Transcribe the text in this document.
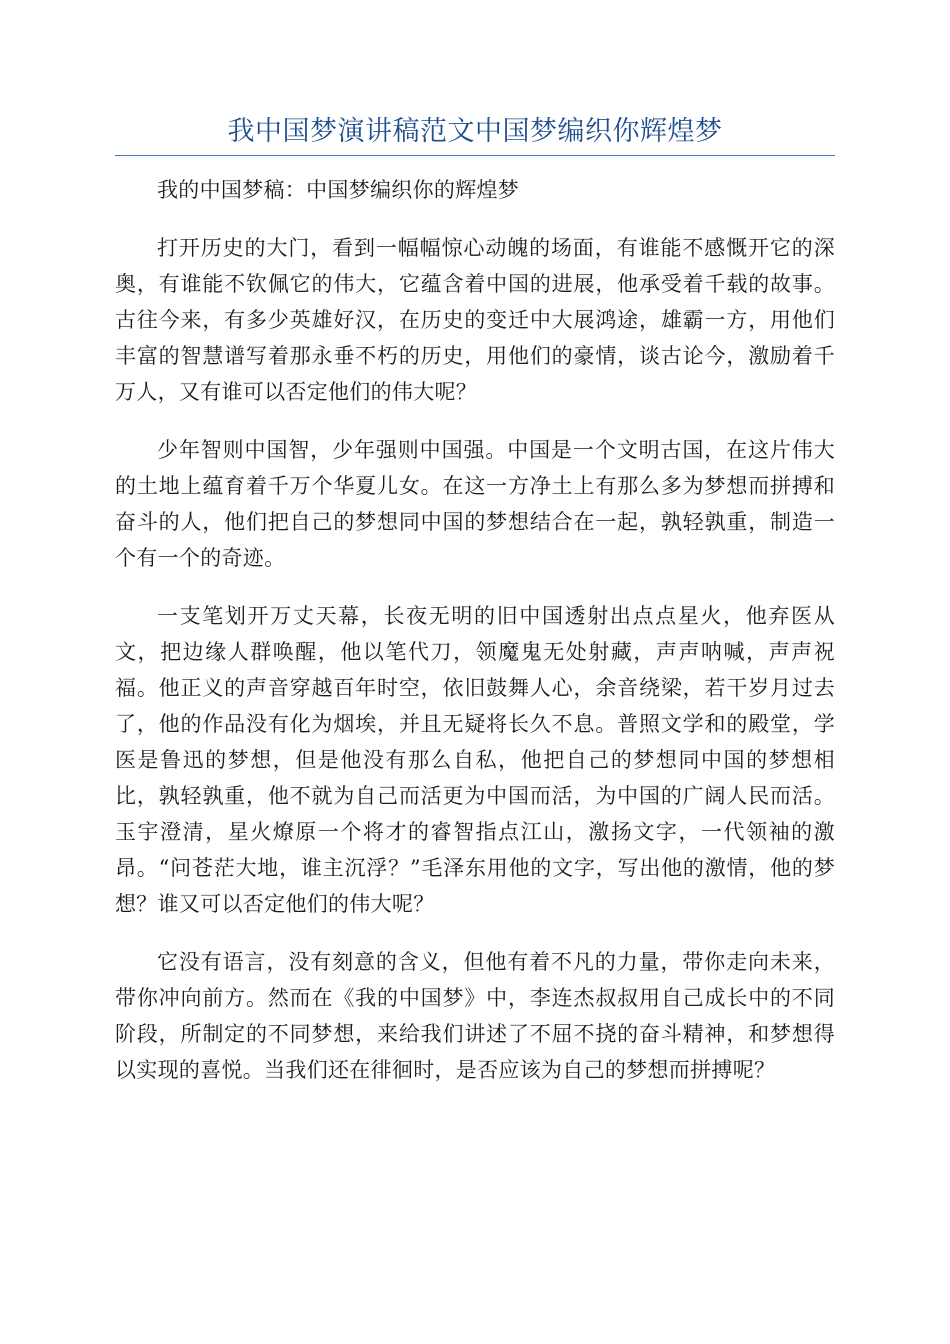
我中国梦演讲稿范文中国梦编织你辉煌梦

我的中国梦稿：中国梦编织你的辉煌梦

打开历史的大门，看到一幅幅惊心动魄的场面，有谁能不感慨开它的深奥，有谁能不钦佩它的伟大，它蕴含着中国的进展，他承受着千载的故事。古往今来，有多少英雄好汉，在历史的变迁中大展鸿途，雄霸一方，用他们丰富的智慧谱写着那永垂不朽的历史，用他们的豪情，谈古论今，激励着千万人，又有谁可以否定他们的伟大呢？

少年智则中国智，少年强则中国强。中国是一个文明古国，在这片伟大的土地上蕴育着千万个华夏儿女。在这一方净土上有那么多为梦想而拼搏和奋斗的人，他们把自己的梦想同中国的梦想结合在一起，孰轻孰重，制造一个有一个的奇迹。

一支笔划开万丈天幕，长夜无明的旧中国透射出点点星火，他弃医从文，把边缘人群唤醒，他以笔代刀，领魔鬼无处射藏，声声呐喊，声声祝福。他正义的声音穿越百年时空，依旧鼓舞人心，余音绕梁，若干岁月过去了，他的作品没有化为烟埃，并且无疑将长久不息。普照文学和的殿堂，学医是鲁迅的梦想，但是他没有那么自私，他把自己的梦想同中国的梦想相比，孰轻孰重，他不就为自己而活更为中国而活，为中国的广阔人民而活。玉宇澄清，星火燎原一个将才的睿智指点江山，激扬文字，一代领袖的激昂。“问苍茫大地，谁主沉浮？”毛泽东用他的文字，写出他的激情，他的梦想？谁又可以否定他们的伟大呢？

它没有语言，没有刻意的含义，但他有着不凡的力量，带你走向未来，带你冲向前方。然而在《我的中国梦》中，李连杰叔叔用自己成长中的不同阶段，所制定的不同梦想，来给我们讲述了不屈不挠的奋斗精神，和梦想得以实现的喜悦。当我们还在徘徊时，是否应该为自己的梦想而拼搏呢？
